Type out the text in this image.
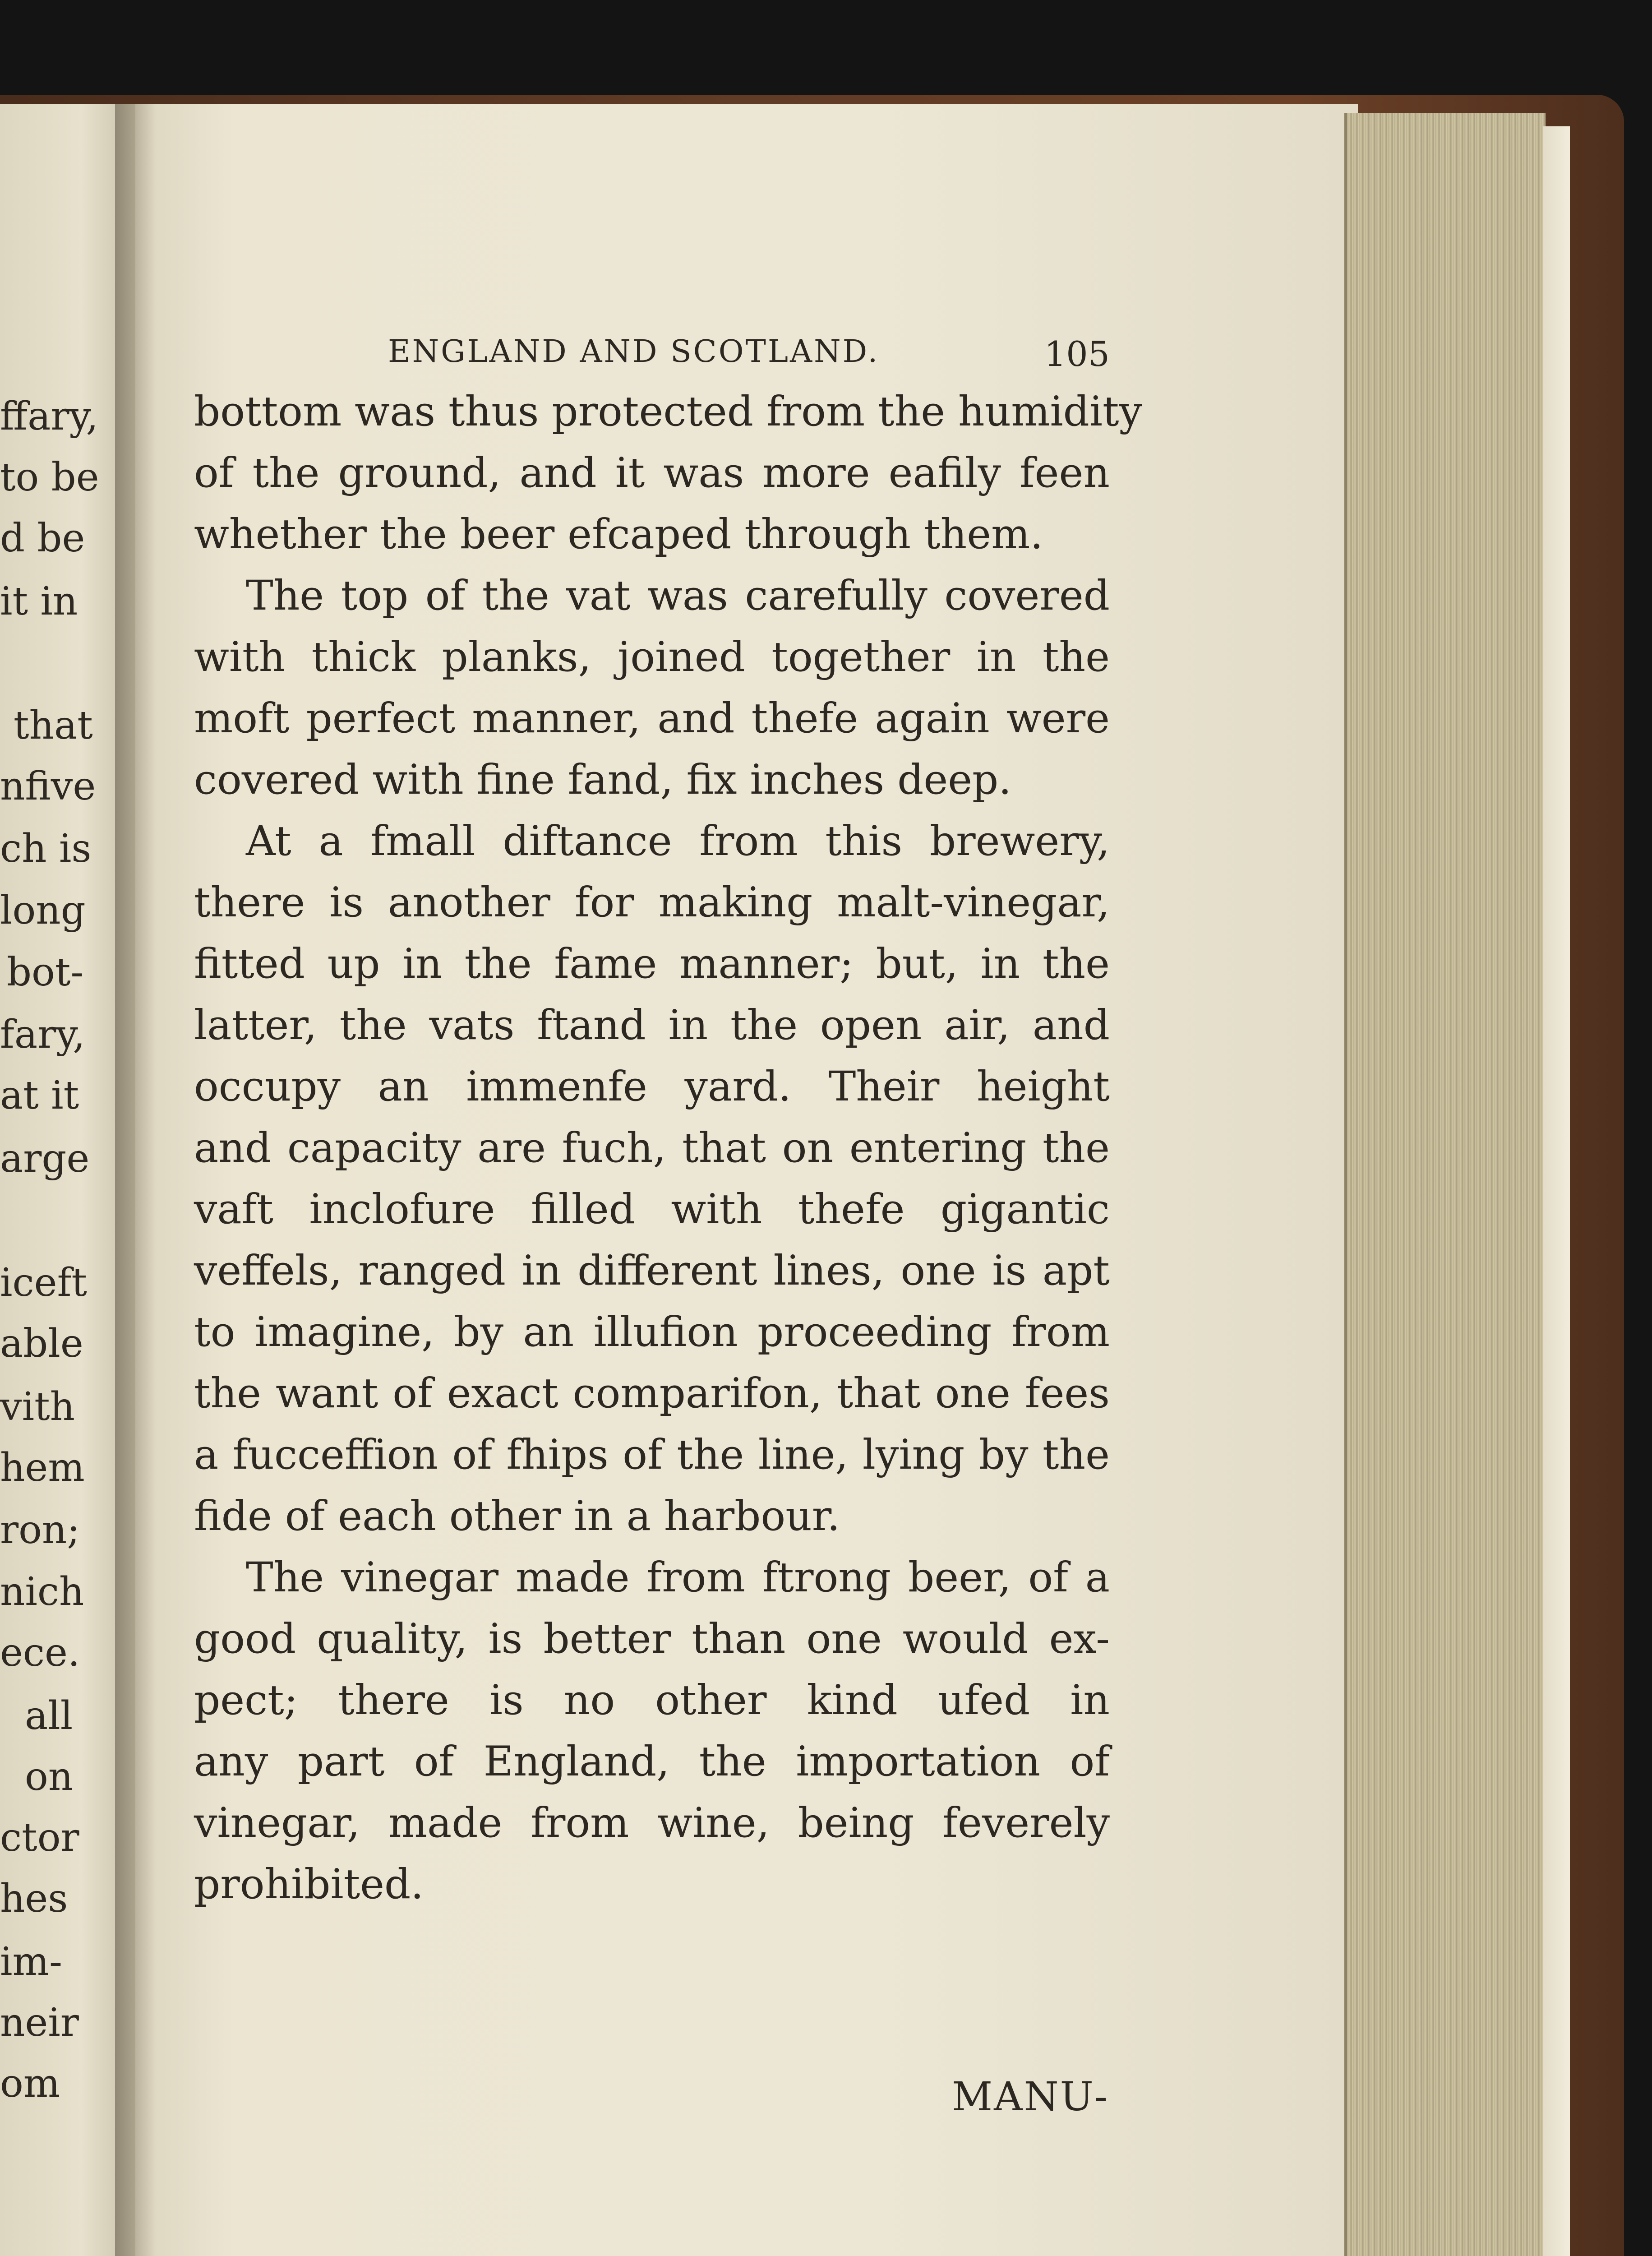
ffary,
to be
d be
it in
that
nfive
ch is
long
bot-
fary,
at it
arge
iceft
able
vith
hem
ron;
nich
ece.
all
on
ctor
hes
im-
neir
om
ENGLAND AND SCOTLAND.	105
bottom was thus protected from the humidity
of the ground, and it was more eafily feen
whether the beer efcaped through them.
The top of the vat was carefully covered
with thick planks, joined together in the
moft perfect manner, and thefe again were
covered with fine fand, fix inches deep.
At a fmall diftance from this brewery,
there is another for making malt-vinegar,
fitted up in the fame manner; but, in the
latter, the vats ftand in the open air, and
occupy an immenfe yard. Their height
and capacity are fuch, that on entering the
vaft inclofure filled with thefe gigantic
veffels, ranged in different lines, one is apt
to imagine, by an illufion proceeding from
the want of exact comparifon, that one fees
a fucceffion of fhips of the line, lying by the
fide of each other in a harbour.
The vinegar made from ftrong beer, of a
good quality, is better than one would ex-
pect; there is no other kind ufed in
any part of England, the importation of
vinegar, made from wine, being feverely
prohibited.
MANU-
